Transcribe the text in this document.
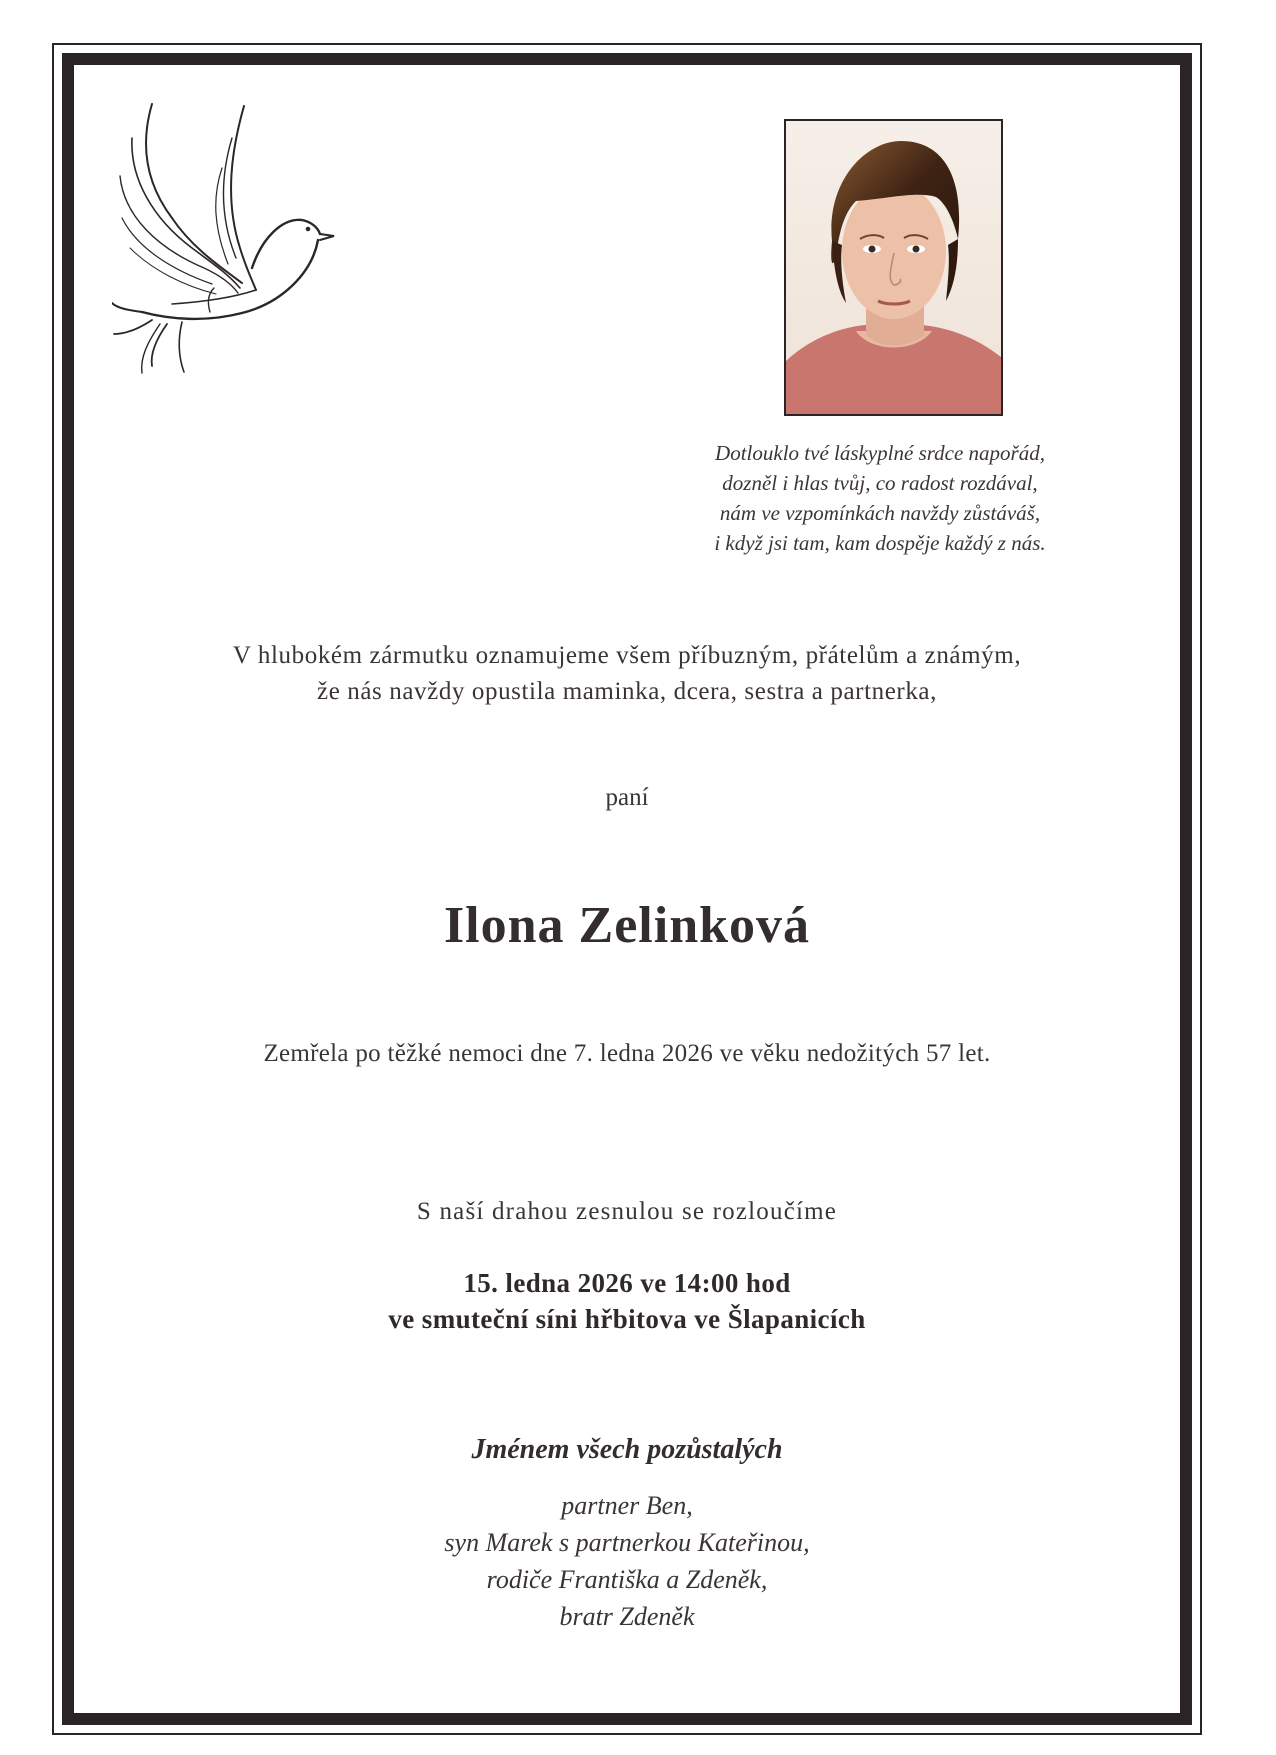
Dotlouklo tvé láskyplné srdce napořád,
dozněl i hlas tvůj, co radost rozdával,
nám ve vzpomínkách navždy zůstáváš,
i když jsi tam, kam dospěje každý z nás.
V hlubokém zármutku oznamujeme všem příbuzným, přátelům a známým,
že nás navždy opustila maminka, dcera, sestra a partnerka,
paní
Ilona Zelinková
Zemřela po těžké nemoci dne 7. ledna 2026 ve věku nedožitých 57 let.
S naší drahou zesnulou se rozloučíme
15. ledna 2026 ve 14:00 hod
ve smuteční síni hřbitova ve Šlapanicích
Jménem všech pozůstalých
partner Ben,
syn Marek s partnerkou Kateřinou,
rodiče Františka a Zdeněk,
bratr Zdeněk
